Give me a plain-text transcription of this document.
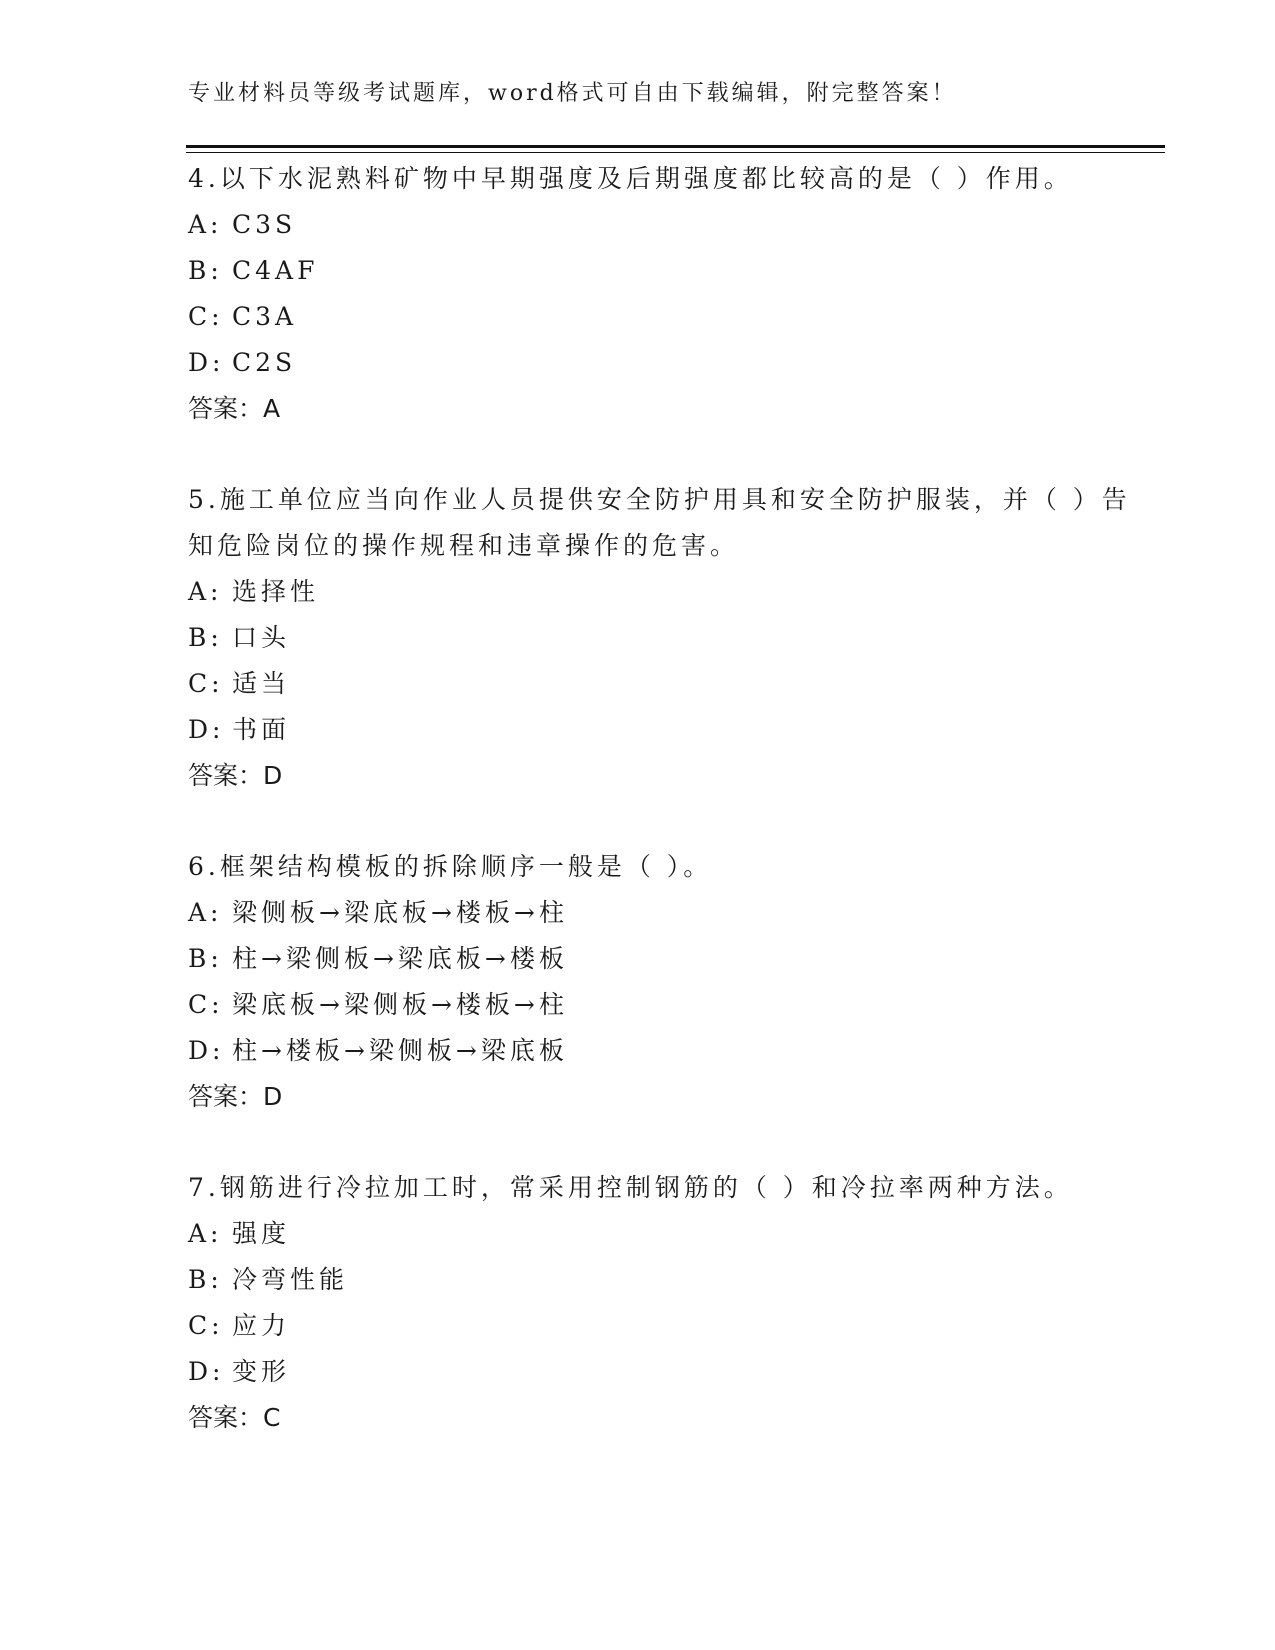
专业材料员等级考试题库，word格式可自由下载编辑，附完整答案！

4.以下水泥熟料矿物中早期强度及后期强度都比较高的是（ ）作用。

A: C3S
B: C4AF
C: C3A
D: C2S
答案：A

5.施工单位应当向作业人员提供安全防护用具和安全防护服装，并（ ）告知危险岗位的操作规程和违章操作的危害。

A: 选择性
B: 口头
C: 适当
D: 书面
答案：D

6.框架结构模板的拆除顺序一般是（ ）。

A: 梁侧板→梁底板→楼板→柱
B: 柱→梁侧板→梁底板→楼板
C: 梁底板→梁侧板→楼板→柱
D: 柱→楼板→梁侧板→梁底板
答案：D

7.钢筋进行冷拉加工时，常采用控制钢筋的（ ）和冷拉率两种方法。

A: 强度
B: 冷弯性能
C: 应力
D: 变形
答案：C
